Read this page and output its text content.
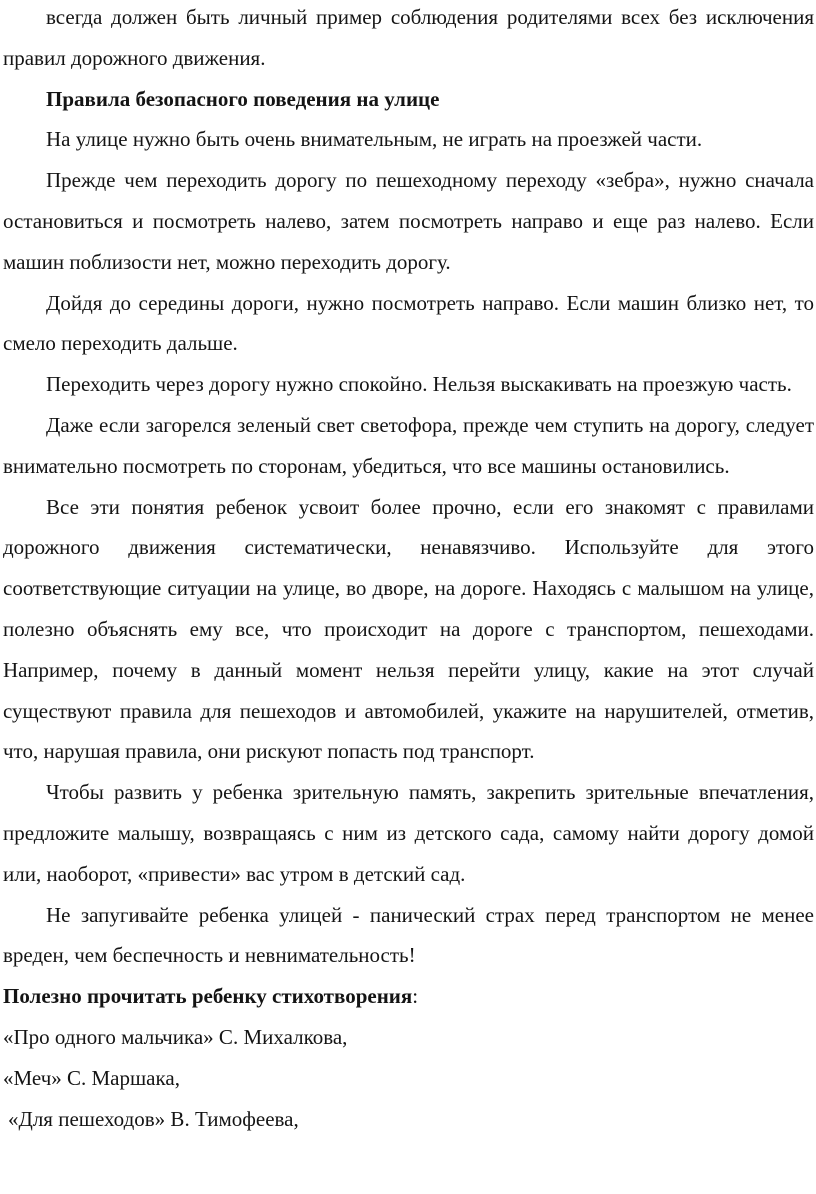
всегда должен быть личный пример соблюдения родителями всех без исключения правил дорожного движения.

Правила безопасного поведения на улице

На улице нужно быть очень внимательным, не играть на проезжей части.

Прежде чем переходить дорогу по пешеходному переходу «зебра», нужно сначала остановиться и посмотреть налево, затем посмотреть направо и еще раз налево. Если машин поблизости нет, можно переходить дорогу.

Дойдя до середины дороги, нужно посмотреть направо. Если машин близко нет, то смело переходить дальше.

Переходить через дорогу нужно спокойно. Нельзя выскакивать на проезжую часть.

Даже если загорелся зеленый свет светофора, прежде чем ступить на дорогу, следует внимательно посмотреть по сторонам, убедиться, что все машины остановились.

Все эти понятия ребенок усвоит более прочно, если его знакомят с правилами дорожного движения систематически, ненавязчиво. Используйте для этого соответствующие ситуации на улице, во дворе, на дороге. Находясь с малышом на улице, полезно объяснять ему все, что происходит на дороге с транспортом, пешеходами. Например, почему в данный момент нельзя перейти улицу, какие на этот случай существуют правила для пешеходов и автомобилей, укажите на нарушителей, отметив, что, нарушая правила, они рискуют попасть под транспорт.

Чтобы развить у ребенка зрительную память, закрепить зрительные впечатления, предложите малышу, возвращаясь с ним из детского сада, самому найти дорогу домой или, наоборот, «привести» вас утром в детский сад.

Не запугивайте ребенка улицей - панический страх перед транспортом не менее вреден, чем беспечность и невнимательность!

Полезно прочитать ребенку стихотворения:

«Про одного мальчика» С. Михалкова,

«Меч» С. Маршака,

«Для пешеходов» В. Тимофеева,
